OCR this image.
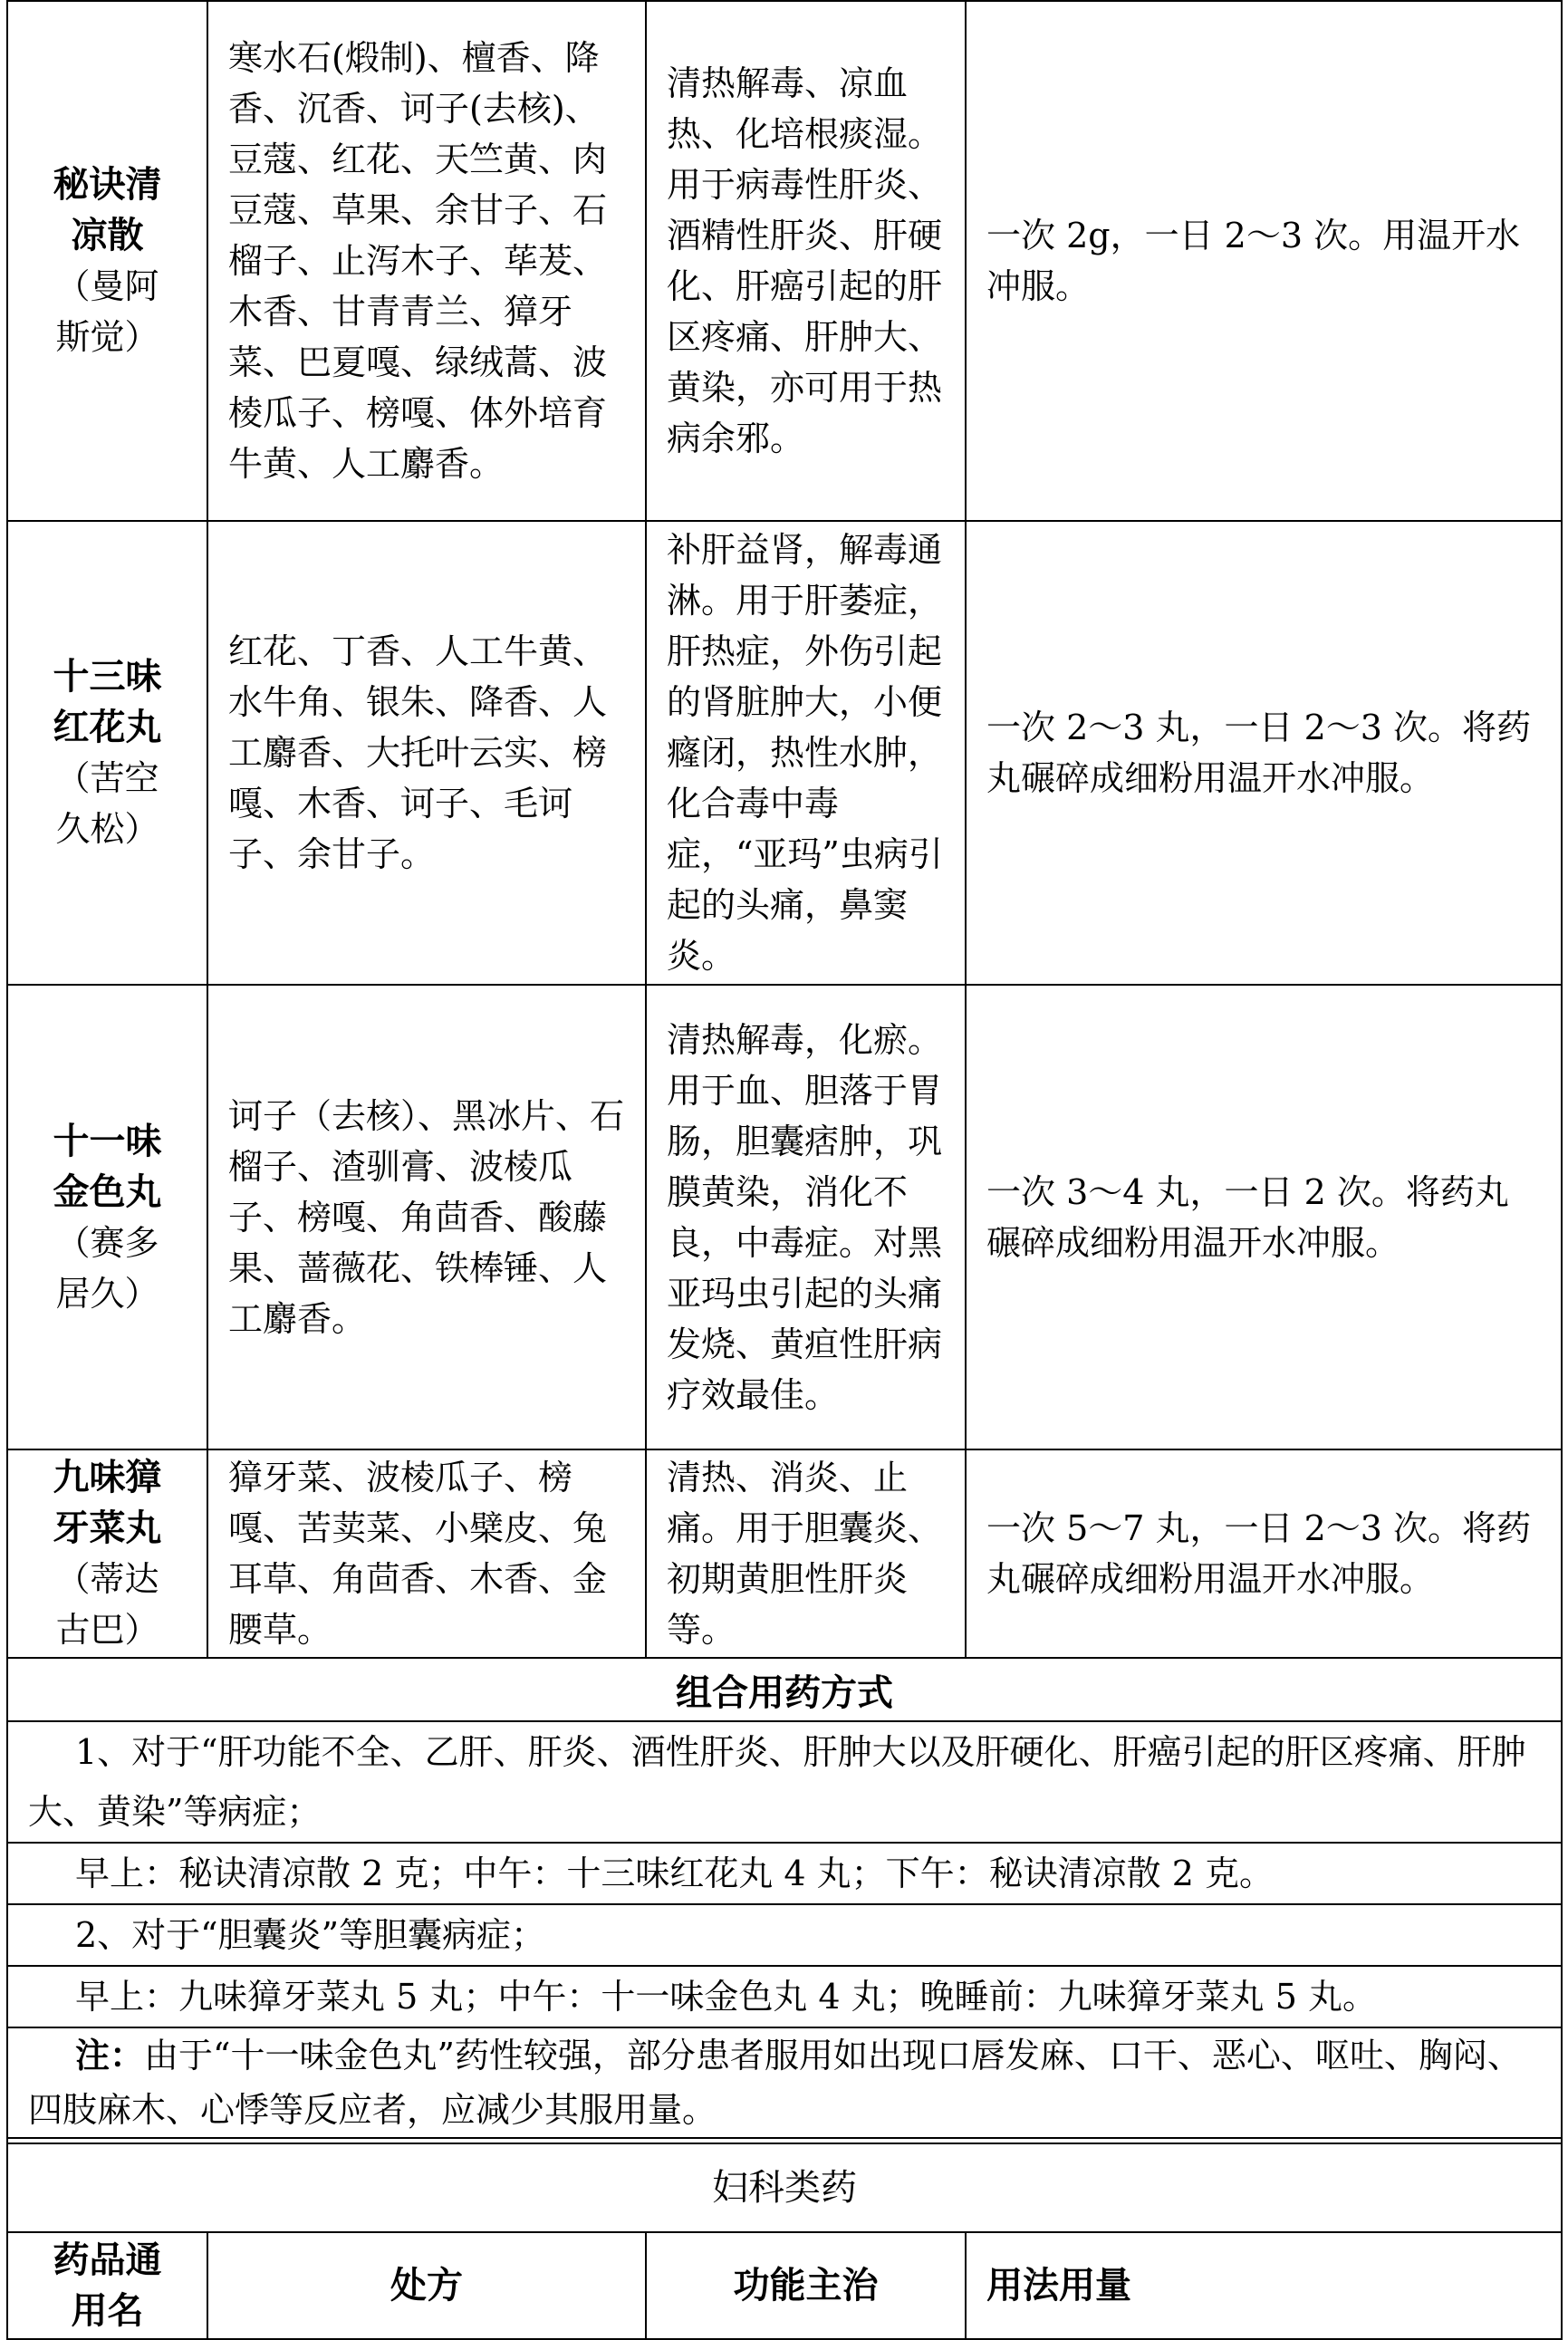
秘诀清
凉散
（曼阿
斯觉）	寒水石(煅制)、檀香、降香、沉香、诃子(去核)、豆蔻、红花、天竺黄、肉豆蔻、草果、余甘子、石榴子、止泻木子、荜茇、木香、甘青青兰、獐牙菜、巴夏嘎、绿绒蒿、波棱瓜子、榜嘎、体外培育牛黄、人工麝香。	清热解毒、凉血热、化培根痰湿。用于病毒性肝炎、酒精性肝炎、肝硬化、肝癌引起的肝区疼痛、肝肿大、黄染，亦可用于热病余邪。	一次 2g，一日 2～3 次。用温开水冲服。

十三味
红花丸
（苦空
久松）	红花、丁香、人工牛黄、水牛角、银朱、降香、人工麝香、大托叶云实、榜嘎、木香、诃子、毛诃子、余甘子。	补肝益肾，解毒通淋。用于肝萎症，肝热症，外伤引起的肾脏肿大，小便癃闭，热性水肿，化合毒中毒症，“亚玛”虫病引起的头痛，鼻窦炎。	一次 2～3 丸，一日 2～3 次。将药丸碾碎成细粉用温开水冲服。

十一味
金色丸
（赛多
居久）	诃子（去核）、黑冰片、石榴子、渣驯膏、波棱瓜子、榜嘎、角茴香、酸藤果、蔷薇花、铁棒锤、人工麝香。	清热解毒，化瘀。用于血、胆落于胃肠，胆囊痞肿，巩膜黄染，消化不良，中毒症。对黑亚玛虫引起的头痛发烧、黄疸性肝病疗效最佳。	一次 3～4 丸，一日 2 次。将药丸碾碎成细粉用温开水冲服。

九味獐
牙菜丸
（蒂达
古巴）	獐牙菜、波棱瓜子、榜嘎、苦荬菜、小檗皮、兔耳草、角茴香、木香、金腰草。	清热、消炎、止痛。用于胆囊炎、初期黄胆性肝炎等。	一次 5～7 丸，一日 2～3 次。将药丸碾碎成细粉用温开水冲服。
组合用药方式			
1、对于“肝功能不全、乙肝、肝炎、酒性肝炎、肝肿大以及肝硬化、肝癌引起的肝区疼痛、肝肿大、黄染”等病症；			
早上：秘诀清凉散 2 克；中午：十三味红花丸 4 丸；下午：秘诀清凉散 2 克。			
2、对于“胆囊炎”等胆囊病症；			
早上：九味獐牙菜丸 5 丸；中午：十一味金色丸 4 丸；晚睡前：九味獐牙菜丸 5 丸。			
注：由于“十一味金色丸”药性较强，部分患者服用如出现口唇发麻、口干、恶心、呕吐、胸闷、四肢麻木、心悸等反应者，应减少其服用量。			

妇科类药			

药品通
用名	处方	功能主治	用法用量
